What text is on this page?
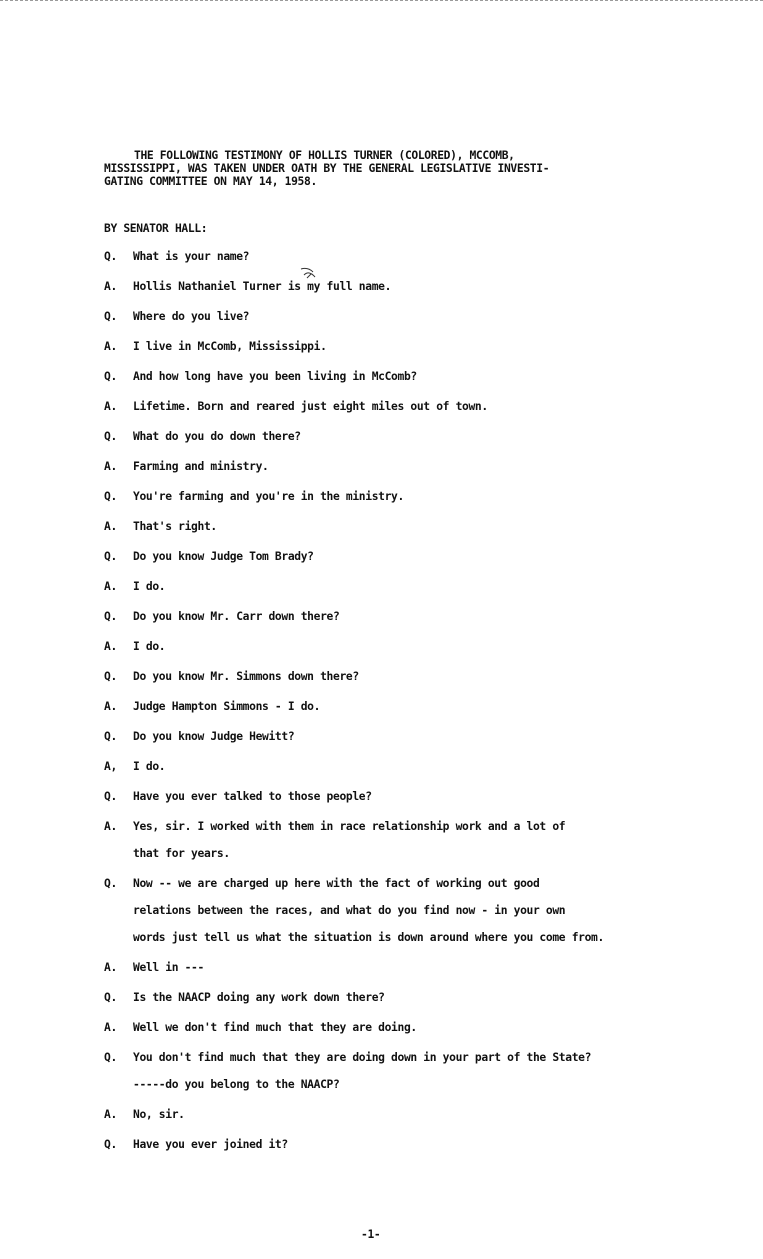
THE FOLLOWING TESTIMONY OF HOLLIS TURNER (COLORED), MCCOMB,
MISSISSIPPI, WAS TAKEN UNDER OATH BY THE GENERAL LEGISLATIVE INVESTI-
GATING COMMITTEE ON MAY 14, 1958.
BY SENATOR HALL:
Q.	What is your name?
A.	Hollis Nathaniel Turner is my full name.
Q.	Where do you live?
A.	I live in McComb, Mississippi.
Q.	And how long have you been living in McComb?
A.	Lifetime. Born and reared just eight miles out of town.
Q.	What do you do down there?
A.	Farming and ministry.
Q.	You're farming and you're in the ministry.
A.	That's right.
Q.	Do you know Judge Tom Brady?
A.	I do.
Q.	Do you know Mr. Carr down there?
A.	I do.
Q.	Do you know Mr. Simmons down there?
A.	Judge Hampton Simmons - I do.
Q.	Do you know Judge Hewitt?
A,	I do.
Q.	Have you ever talked to those people?
A.	Yes, sir. I worked with them in race relationship work and a lot of
that for years.
Q.	Now -- we are charged up here with the fact of working out good
relations between the races, and what do you find now - in your own
words just tell us what the situation is down around where you come from.
A.	Well in ---
Q.	Is the NAACP doing any work down there?
A.	Well we don't find much that they are doing.
Q.	You don't find much that they are doing down in your part of the State?
-----do you belong to the NAACP?
A.	No, sir.
Q.	Have you ever joined it?
-1-
